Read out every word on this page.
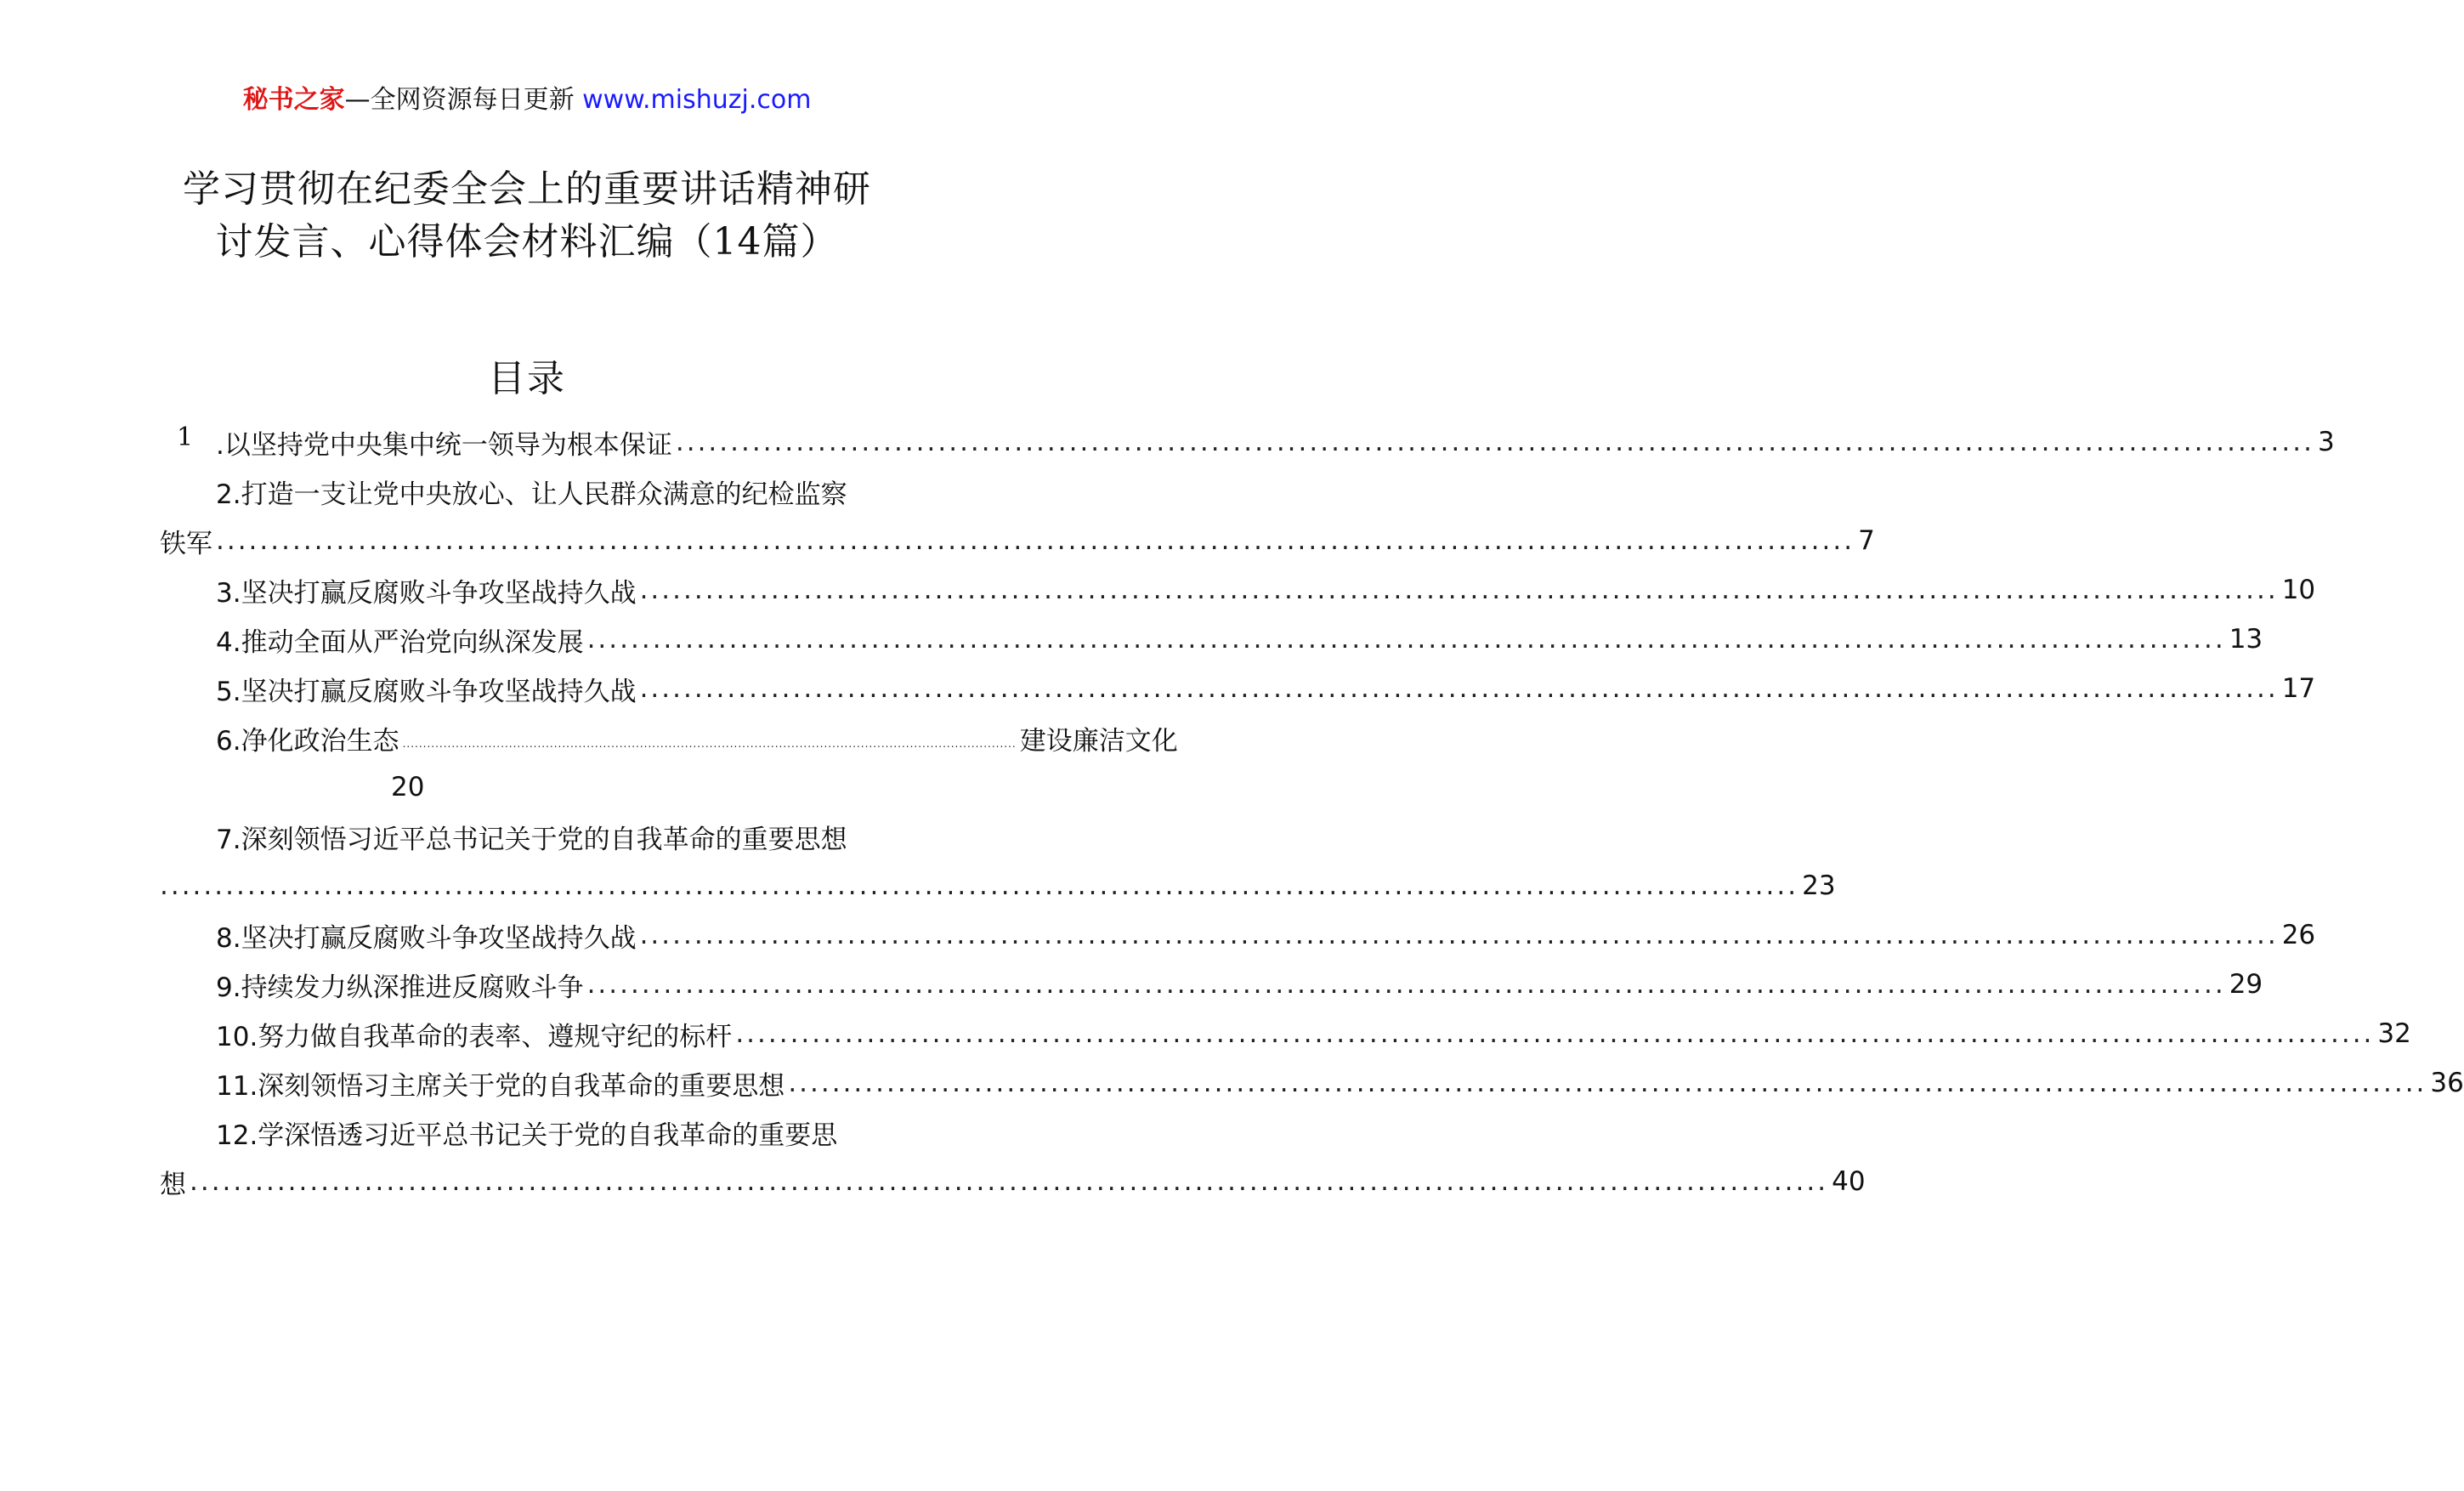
秘书之家—全网资源每日更新 www.mishuzj.com
学习贯彻在纪委全会上的重要讲话精神研
讨发言、心得体会材料汇编（14篇）
目录
1 .以坚持党中央集中统一领导为根本保证 ...................................................................................................................................................... 3
2.打造一支让党中央放心、让人民群众满意的纪检监察
铁军 ...................................................................................................................................................... 7
3.坚决打赢反腐败斗争攻坚战持久战 ...................................................................................................................................................... 10
4.推动全面从严治党向纵深发展 ...................................................................................................................................................... 13
5.坚决打赢反腐败斗争攻坚战持久战 ...................................................................................................................................................... 17
6.净化政治生态 ...................................................................................................................................................... 建设廉洁文化
20
7.深刻领悟习近平总书记关于党的自我革命的重要思想
...................................................................................................................................................... 23
8.坚决打赢反腐败斗争攻坚战持久战 ...................................................................................................................................................... 26
9.持续发力纵深推进反腐败斗争 ...................................................................................................................................................... 29
10.努力做自我革命的表率、遵规守纪的标杆 ...................................................................................................................................................... 32
11.深刻领悟习主席关于党的自我革命的重要思想 ...................................................................................................................................................... 36
12.学深悟透习近平总书记关于党的自我革命的重要思
想 ...................................................................................................................................................... 40
